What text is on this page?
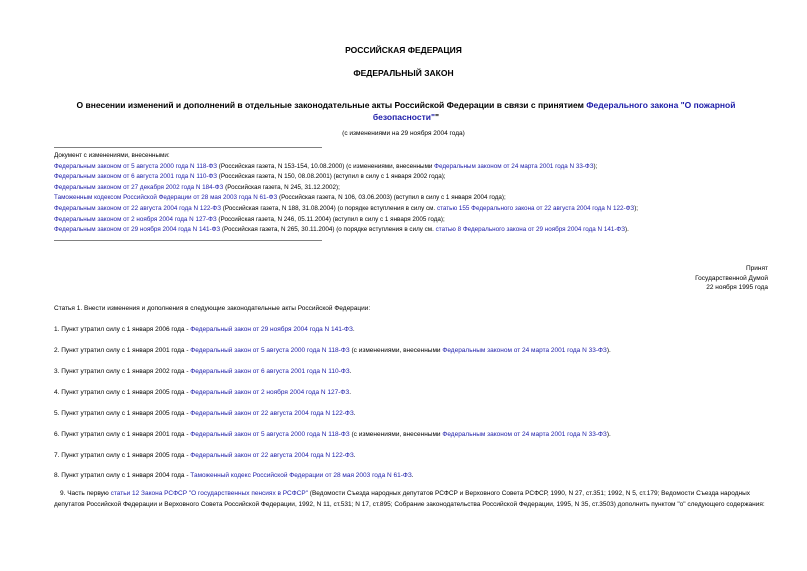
РОССИЙСКАЯ ФЕДЕРАЦИЯ
ФЕДЕРАЛЬНЫЙ ЗАКОН
О внесении изменений и дополнений в отдельные законодательные акты Российской Федерации в связи с принятием Федерального закона "О пожарной безопасности""
(с изменениями на 29 ноября 2004 года)
Документ с изменениями, внесенными:
Федеральным законом от 5 августа 2000 года N 118-ФЗ (Российская газета, N 153-154, 10.08.2000) (с изменениями, внесенными Федеральным законом от 24 марта 2001 года N 33-ФЗ);
Федеральным законом от 6 августа 2001 года N 110-ФЗ (Российская газета, N 150, 08.08.2001) (вступил в силу с 1 января 2002 года);
Федеральным законом от 27 декабря 2002 года N 184-ФЗ (Российская газета, N 245, 31.12.2002);
Таможенным кодексом Российской Федерации от 28 мая 2003 года N 61-ФЗ (Российская газета, N 106, 03.06.2003) (вступил в силу с 1 января 2004 года);
Федеральным законом от 22 августа 2004 года N 122-ФЗ (Российская газета, N 188, 31.08.2004) (о порядке вступления в силу см. статью 155 Федерального закона от 22 августа 2004 года N 122-ФЗ);
Федеральным законом от 2 ноября 2004 года N 127-ФЗ (Российская газета, N 246, 05.11.2004) (вступил в силу с 1 января 2005 года);
Федеральным законом от 29 ноября 2004 года N 141-ФЗ (Российская газета, N 265, 30.11.2004) (о порядке вступления в силу см. статью 8 Федерального закона от 29 ноября 2004 года N 141-ФЗ).
Принят
Государственной Думой
22 ноября 1995 года
Статья 1. Внести изменения и дополнения в следующие законодательные акты Российской Федерации:
1. Пункт утратил силу с 1 января 2006 года - Федеральный закон от 29 ноября 2004 года N 141-ФЗ.
2. Пункт утратил силу с 1 января 2001 года - Федеральный закон от 5 августа 2000 года N 118-ФЗ (с изменениями, внесенными Федеральным законом от 24 марта 2001 года N 33-ФЗ).
3. Пункт утратил силу с 1 января 2002 года - Федеральный закон от 6 августа 2001 года N 110-ФЗ.
4. Пункт утратил силу с 1 января 2005 года - Федеральный закон от 2 ноября 2004 года N 127-ФЗ.
5. Пункт утратил силу с 1 января 2005 года - Федеральный закон от 22 августа 2004 года N 122-ФЗ.
6. Пункт утратил силу с 1 января 2001 года - Федеральный закон от 5 августа 2000 года N 118-ФЗ (с изменениями, внесенными Федеральным законом от 24 марта 2001 года N 33-ФЗ).
7. Пункт утратил силу с 1 января 2005 года - Федеральный закон от 22 августа 2004 года N 122-ФЗ.
8. Пункт утратил силу с 1 января 2004 года - Таможенный кодекс Российской Федерации от 28 мая 2003 года N 61-ФЗ.
9. Часть первую статьи 12 Закона РСФСР "О государственных пенсиях в РСФСР" (Ведомости Съезда народных депутатов РСФСР и Верховного Совета РСФСР, 1990, N 27, ст.351; 1992, N 5, ст.179; Ведомости Съезда народных депутатов Российской Федерации и Верховного Совета Российской Федерации, 1992, N 11, ст.531; N 17, ст.895; Собрание законодательства Российской Федерации, 1995, N 35, ст.3503) дополнить пунктом "о" следующего содержания:
